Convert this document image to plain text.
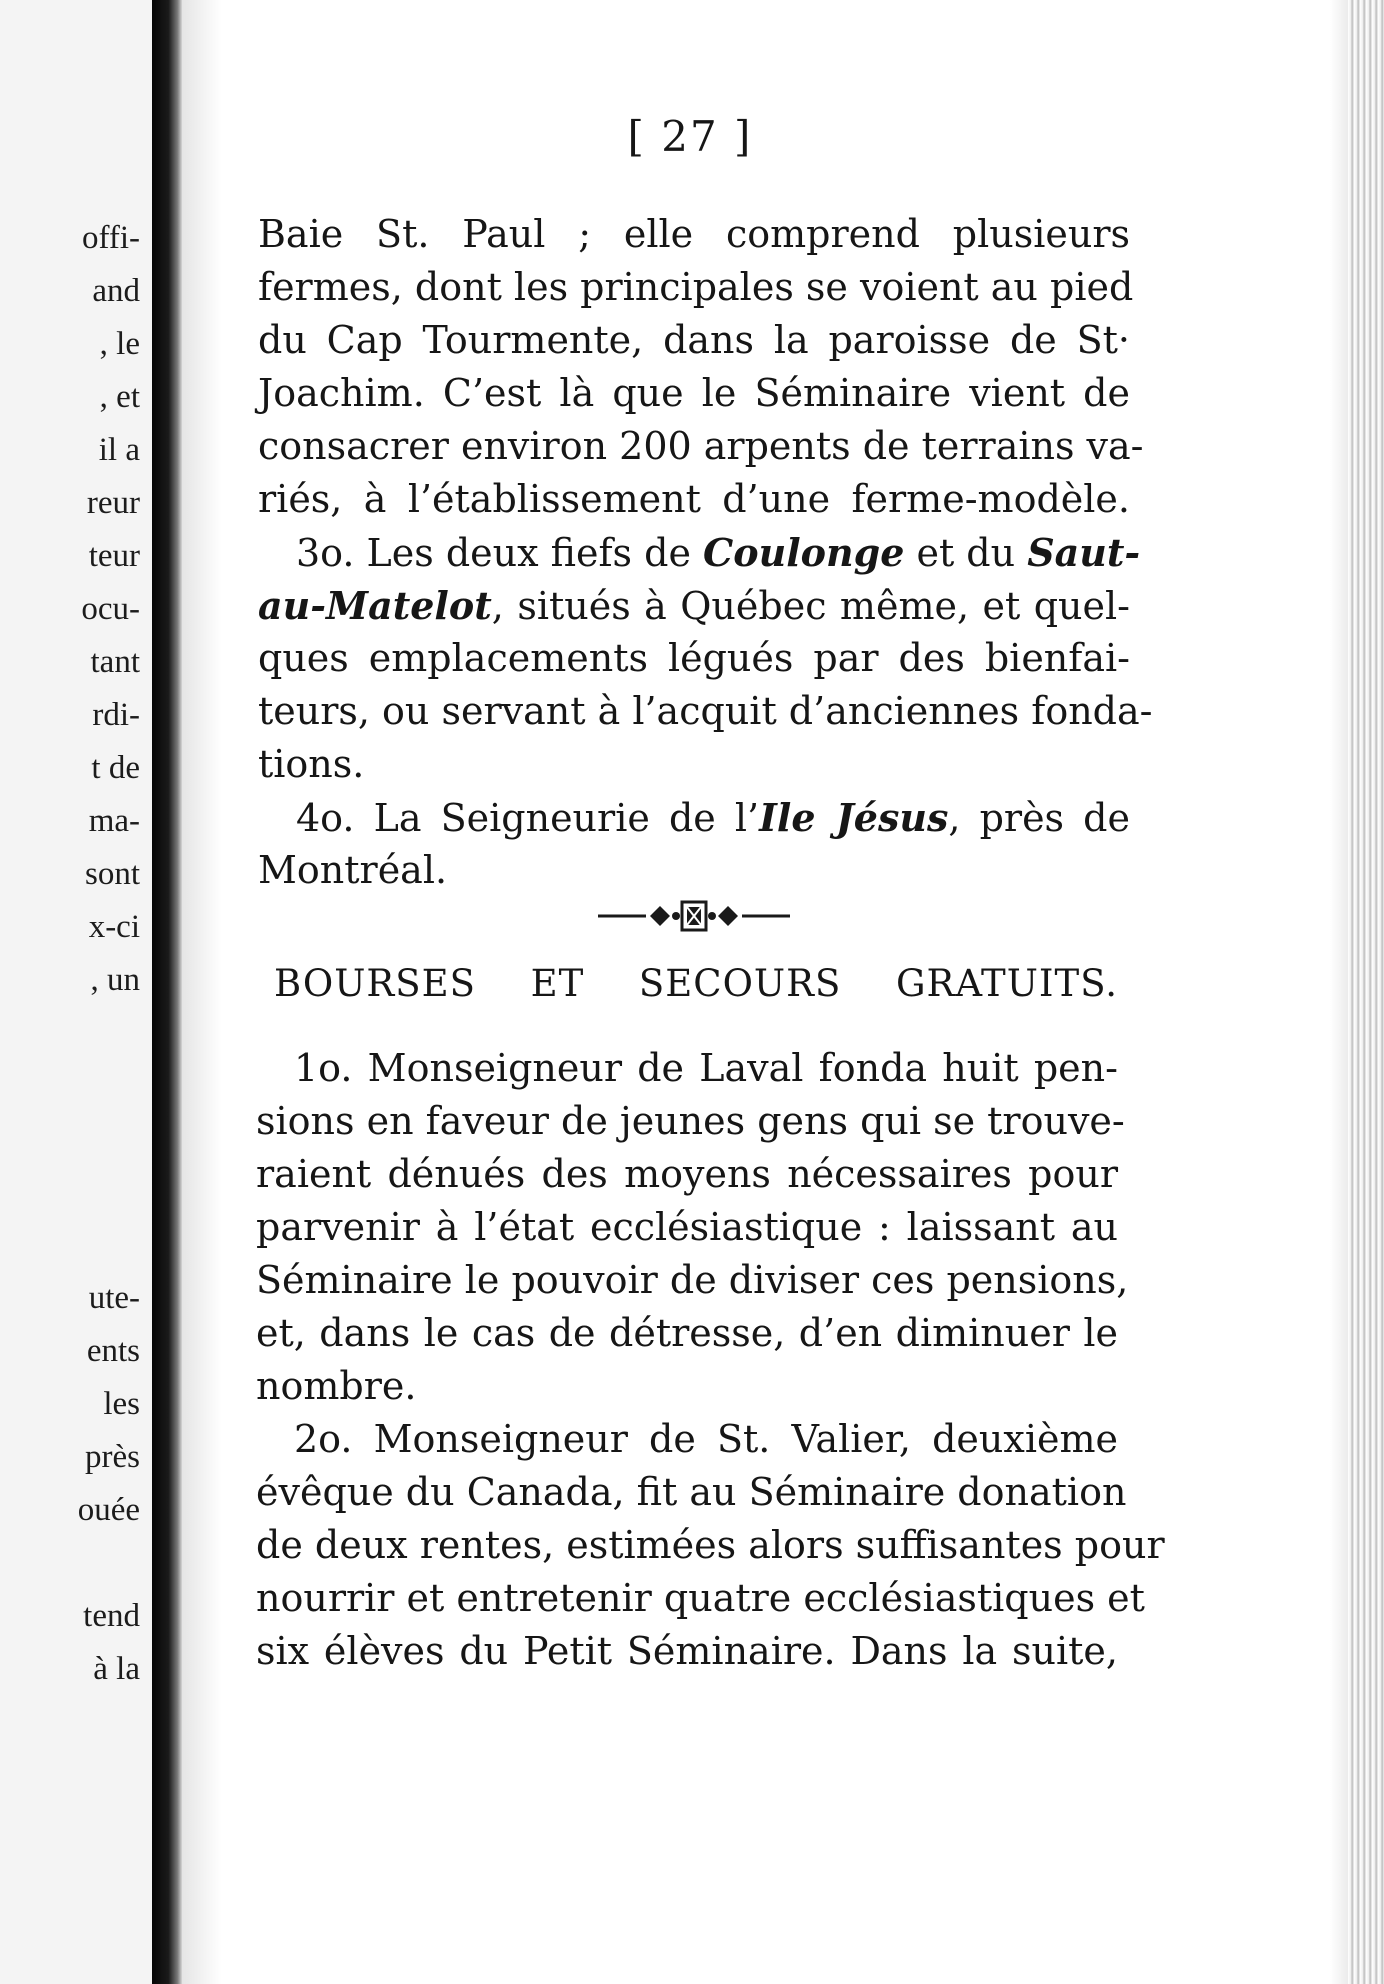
offi-
and
, le
, et
il a
reur
teur
ocu-
tant
rdi-
t de
ma-
sont
x-ci
, un
ute-
ents
les
près
ouée
tend
à la
[ 27 ]
Baie St. Paul ; elle comprend plusieurs
fermes, dont les principales se voient au pied
du Cap Tourmente, dans la paroisse de St·
Joachim. C’est là que le Séminaire vient de
consacrer environ 200 arpents de terrains va-
riés, à l’établissement d’une ferme-modèle.
3o. Les deux fiefs de Coulonge et du Saut-
au-Matelot, situés à Québec même, et quel-
ques emplacements légués par des bienfai-
teurs, ou servant à l’acquit d’anciennes fonda-
tions.
4o. La Seigneurie de l’Ile Jésus, près de
Montréal.
BOURSES ET SECOURS GRATUITS.
1o. Monseigneur de Laval fonda huit pen-
sions en faveur de jeunes gens qui se trouve-
raient dénués des moyens nécessaires pour
parvenir à l’état ecclésiastique : laissant au
Séminaire le pouvoir de diviser ces pensions,
et, dans le cas de détresse, d’en diminuer le
nombre.
2o. Monseigneur de St. Valier, deuxième
évêque du Canada, fit au Séminaire donation
de deux rentes, estimées alors suffisantes pour
nourrir et entretenir quatre ecclésiastiques et
six élèves du Petit Séminaire. Dans la suite,
